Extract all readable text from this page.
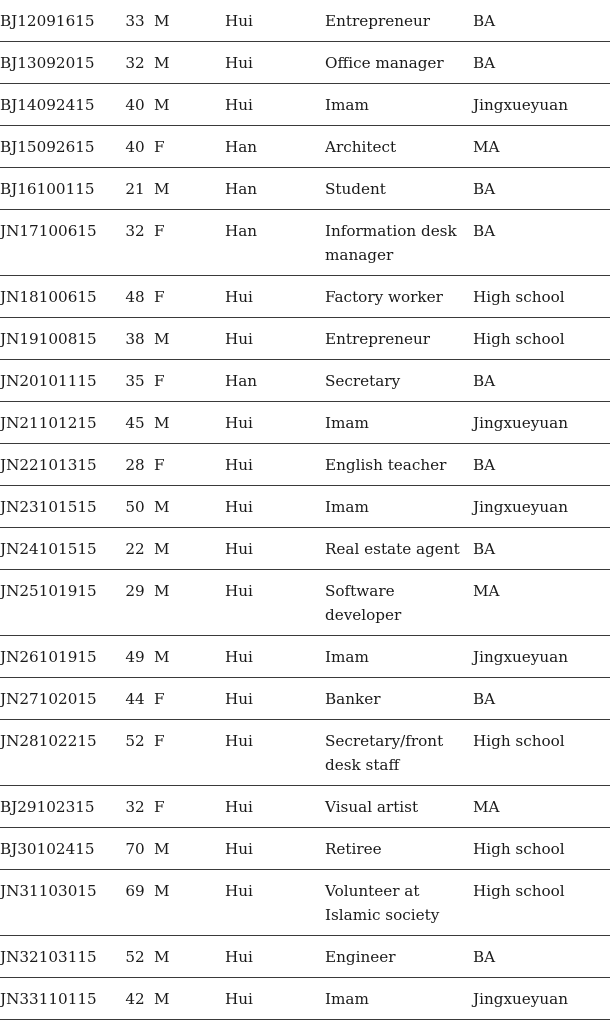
BJ12091615	33	M	Hui	Entrepreneur	BA
BJ13092015	32	M	Hui	Office manager	BA
BJ14092415	40	M	Hui	Imam	Jingxueyuan
BJ15092615	40	F	Han	Architect	MA
BJ16100115	21	M	Han	Student	BA
JN17100615	32	F	Han	Information desk manager	BA
JN18100615	48	F	Hui	Factory worker	High school
JN19100815	38	M	Hui	Entrepreneur	High school
JN20101115	35	F	Han	Secretary	BA
JN21101215	45	M	Hui	Imam	Jingxueyuan
JN22101315	28	F	Hui	English teacher	BA
JN23101515	50	M	Hui	Imam	Jingxueyuan
JN24101515	22	M	Hui	Real estate agent	BA
JN25101915	29	M	Hui	Software developer	MA
JN26101915	49	M	Hui	Imam	Jingxueyuan
JN27102015	44	F	Hui	Banker	BA
JN28102215	52	F	Hui	Secretary/front desk staff	High school
BJ29102315	32	F	Hui	Visual artist	MA
BJ30102415	70	M	Hui	Retiree	High school
JN31103015	69	M	Hui	Volunteer at Islamic society	High school
JN32103115	52	M	Hui	Engineer	BA
JN33110115	42	M	Hui	Imam	Jingxueyuan
